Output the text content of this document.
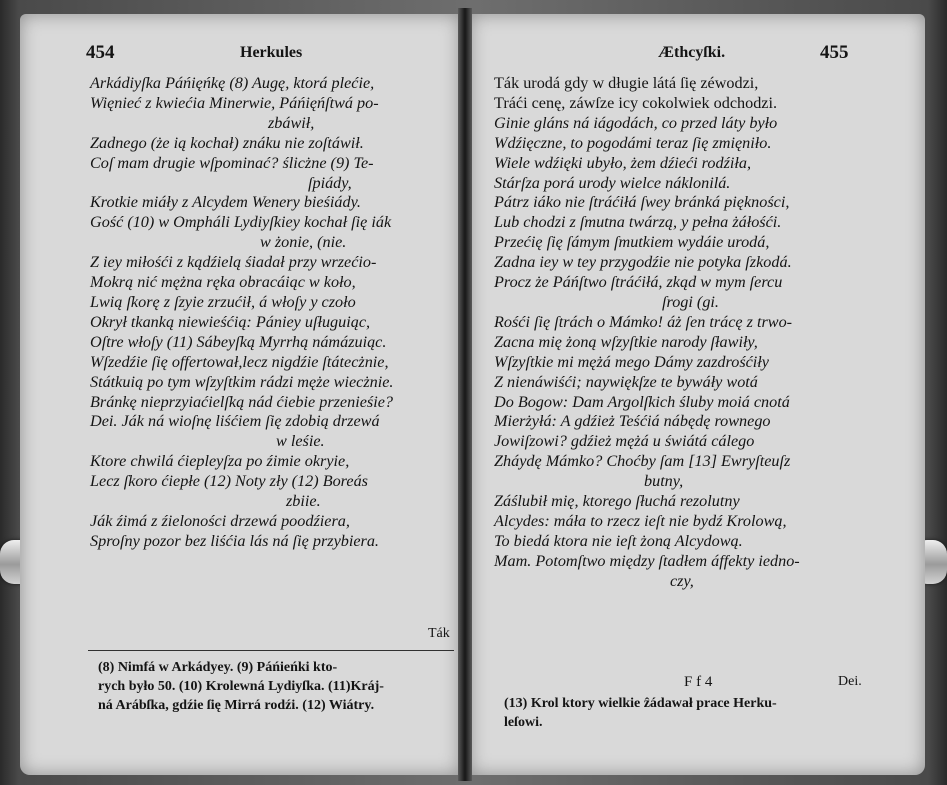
454	Herkules
Arkádiyſka Páńięńkę (8) Augę, ktorá plećie,
Więnieć z kwiećia Minerwie, Páńięńſtwá po-
zbáwił,
Zadnego (że ią kochał) znáku nie zoſtáwił.
Coſ mam drugie wſpominać? ślicżne (9) Te-
ſpiády,
Krotkie miáły z Alcydem Wenery bieśiády.
Gość (10) w Ompháli Lydiyſkiey kochał ſię iák
w żonie, (nie.
Z iey miłośći z kądźielą śiadał przy wrzećio-
Mokrą nić mężna ręka obracáiąc w koło,
Lwią ſkorę z ſzyie zrzućił, á włoſy y czoło
Okrył tkanką niewieśćią: Pániey uſługuiąc,
Oſtre włoſy (11) Sábeyſką Myrrhą námázuiąc.
Wſzedźie ſię offertował,lecz nigdźie ſtátecżnie,
Státkuią po tym wſzyſtkim rádzi męże wiecżnie.
Bránkę nieprzyiaćielſką nád ćiebie przenieśie?
Dei. Ják ná wioſnę liśćiem ſię zdobią drzewá
w leśie.
Ktore chwilá ćiepleyſza po źimie okryie,
Lecz ſkoro ćiepłe (12) Noty zły (12) Boreás
zbiie.
Ják źimá z źieloności drzewá poodźiera,
Sproſny pozor bez liśćia lás ná ſię przybiera.
Ták
(8) Nimfá w Arkádyey. (9) Páńieńki kto-
rych było 50. (10) Krolewná Lydiyſka. (11)Kráj-
ná Arábſka, gdźie ſię Mirrá rodźi. (12) Wiátry.
Æthcyſki.	455
Ták urodá gdy w długie látá ſię zéwodzi,
Tráći cenę, záwſze icy cokolwiek odchodzi.
Ginie gláns ná iágodách, co przed láty było
Wdźięczne, to pogodámi teraz ſię zmięniło.
Wiele wdźięki ubyło, żem dźieći rodźiła,
Stárſza porá urody wielce náklonilá.
Pátrz iáko nie ſtráćiłá ſwey bránká piękności,
Lub chodzi z ſmutna twárzą, y pełna żáłośći.
Przećię ſię ſámym ſmutkiem wydáie urodá,
Zadna iey w tey przygodźie nie potyka ſzkodá.
Procz że Páńſtwo ſtráćiłá, zkąd w mym ſercu
ſrogi (gi.
Rośći ſię ſtrách o Mámko! áż ſen trácę z trwo-
Zacna mię żoną wſzyſtkie narody ſławiły,
Wſzyſtkie mi mężá mego Dámy zazdrośćiły
Z nienáwiśći; naywiękſze te bywáły wotá
Do Bogow: Dam Argolſkich śluby moiá cnotá
Mierżyłá: A gdźież Teśćiá nábędę rownego
Jowiſzowi? gdźież mężá u świátá cálego
Zháydę Mámko? Choćby ſam [13] Ewryſteuſz
butny,
Záślubił mię, ktorego ſłuchá rezolutny
Alcydes: máła to rzecz ieſt nie bydź Krolową,
To biedá ktora nie ieſt żoną Alcydową.
Mam. Potomſtwo między ſtadłem áffekty iedno-
czy,
F f 4	Dei.
(13) Krol ktory wielkie ẑádawał prace Herku-
leſowi.
